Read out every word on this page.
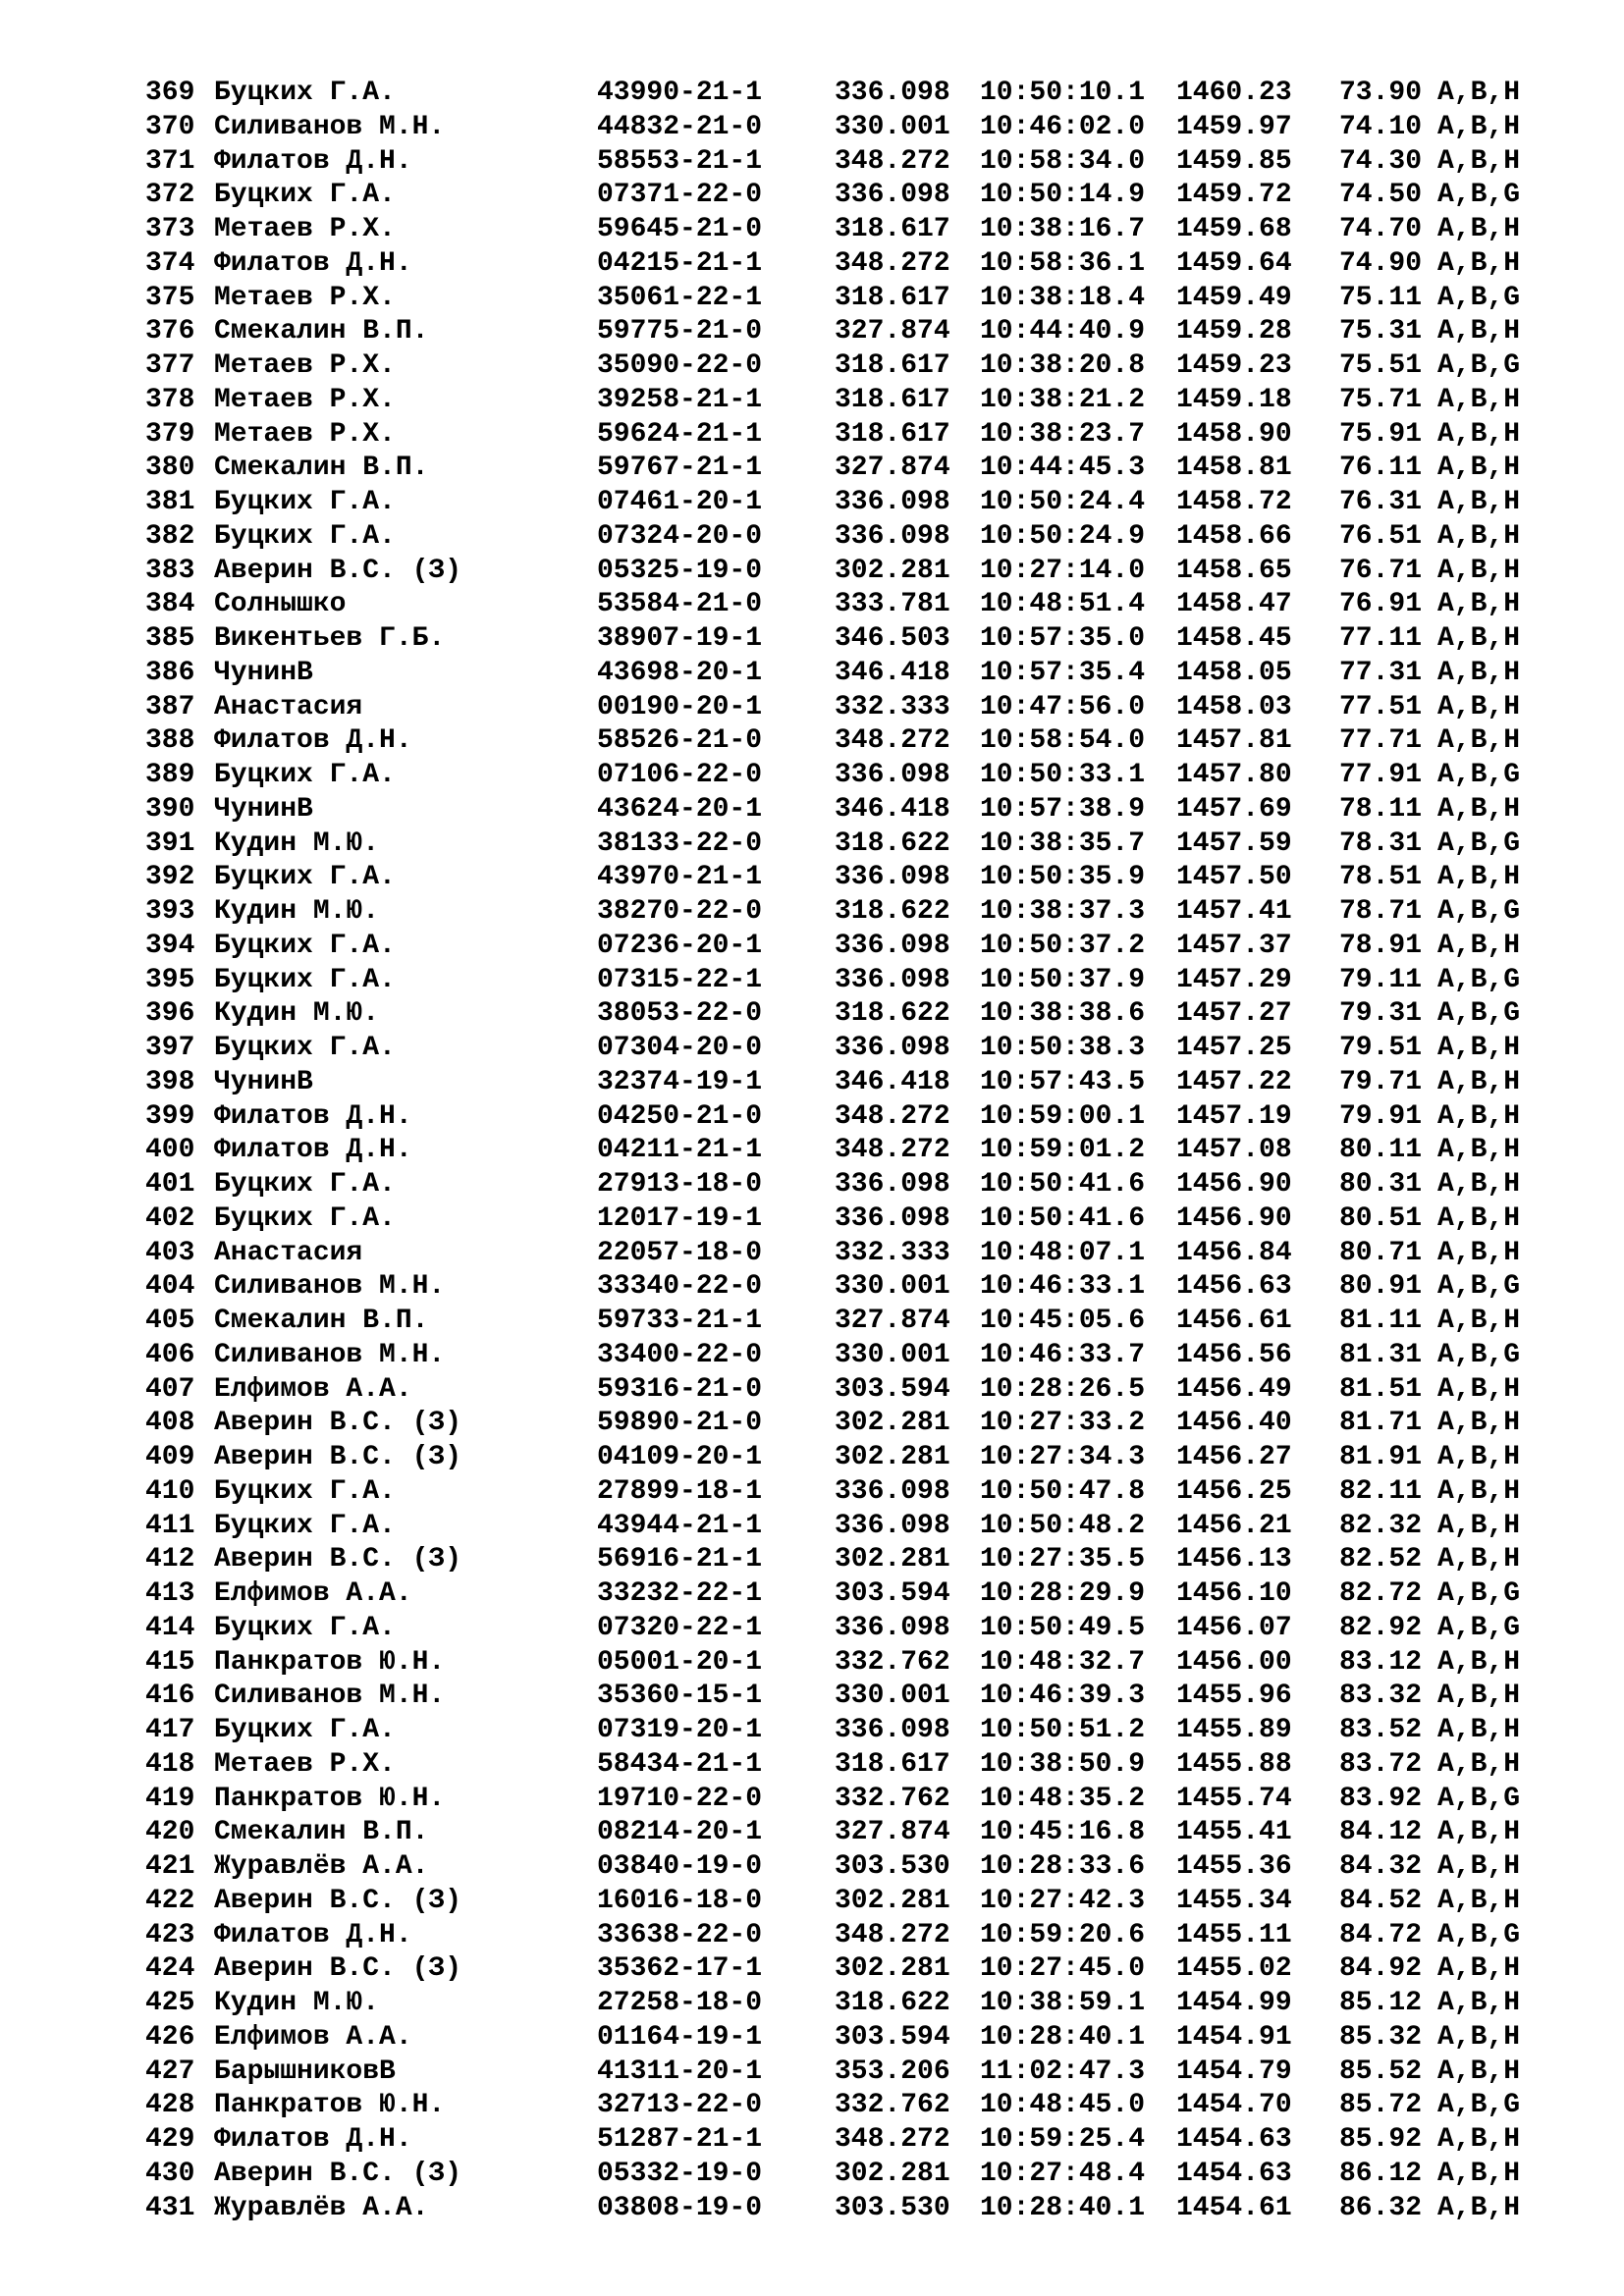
369 Буцких Г.А.	43990-21-1	336.098 10:50:10.1 1460.23 73.90 A,B,H
370 Силиванов М.Н.	44832-21-0	330.001 10:46:02.0 1459.97 74.10 A,B,H
371 Филатов Д.Н.	58553-21-1	348.272 10:58:34.0 1459.85 74.30 A,B,H
372 Буцких Г.А.	07371-22-0	336.098 10:50:14.9 1459.72 74.50 A,B,G
373 Метаев Р.Х.	59645-21-0	318.617 10:38:16.7 1459.68 74.70 A,B,H
374 Филатов Д.Н.	04215-21-1	348.272 10:58:36.1 1459.64 74.90 A,B,H
375 Метаев Р.Х.	35061-22-1	318.617 10:38:18.4 1459.49 75.11 A,B,G
376 Смекалин В.П.	59775-21-0	327.874 10:44:40.9 1459.28 75.31 A,B,H
377 Метаев Р.Х.	35090-22-0	318.617 10:38:20.8 1459.23 75.51 A,B,G
378 Метаев Р.Х.	39258-21-1	318.617 10:38:21.2 1459.18 75.71 A,B,H
379 Метаев Р.Х.	59624-21-1	318.617 10:38:23.7 1458.90 75.91 A,B,H
380 Смекалин В.П.	59767-21-1	327.874 10:44:45.3 1458.81 76.11 A,B,H
381 Буцких Г.А.	07461-20-1	336.098 10:50:24.4 1458.72 76.31 A,B,H
382 Буцких Г.А.	07324-20-0	336.098 10:50:24.9 1458.66 76.51 A,B,H
383 Аверин В.С. (З)	05325-19-0	302.281 10:27:14.0 1458.65 76.71 A,B,H
384 Солнышко	53584-21-0	333.781 10:48:51.4 1458.47 76.91 A,B,H
385 Викентьев Г.Б.	38907-19-1	346.503 10:57:35.0 1458.45 77.11 A,B,H
386 ЧунинВ	43698-20-1	346.418 10:57:35.4 1458.05 77.31 A,B,H
387 Анастасия	00190-20-1	332.333 10:47:56.0 1458.03 77.51 A,B,H
388 Филатов Д.Н.	58526-21-0	348.272 10:58:54.0 1457.81 77.71 A,B,H
389 Буцких Г.А.	07106-22-0	336.098 10:50:33.1 1457.80 77.91 A,B,G
390 ЧунинВ	43624-20-1	346.418 10:57:38.9 1457.69 78.11 A,B,H
391 Кудин М.Ю.	38133-22-0	318.622 10:38:35.7 1457.59 78.31 A,B,G
392 Буцких Г.А.	43970-21-1	336.098 10:50:35.9 1457.50 78.51 A,B,H
393 Кудин М.Ю.	38270-22-0	318.622 10:38:37.3 1457.41 78.71 A,B,G
394 Буцких Г.А.	07236-20-1	336.098 10:50:37.2 1457.37 78.91 A,B,H
395 Буцких Г.А.	07315-22-1	336.098 10:50:37.9 1457.29 79.11 A,B,G
396 Кудин М.Ю.	38053-22-0	318.622 10:38:38.6 1457.27 79.31 A,B,G
397 Буцких Г.А.	07304-20-0	336.098 10:50:38.3 1457.25 79.51 A,B,H
398 ЧунинВ	32374-19-1	346.418 10:57:43.5 1457.22 79.71 A,B,H
399 Филатов Д.Н.	04250-21-0	348.272 10:59:00.1 1457.19 79.91 A,B,H
400 Филатов Д.Н.	04211-21-1	348.272 10:59:01.2 1457.08 80.11 A,B,H
401 Буцких Г.А.	27913-18-0	336.098 10:50:41.6 1456.90 80.31 A,B,H
402 Буцких Г.А.	12017-19-1	336.098 10:50:41.6 1456.90 80.51 A,B,H
403 Анастасия	22057-18-0	332.333 10:48:07.1 1456.84 80.71 A,B,H
404 Силиванов М.Н.	33340-22-0	330.001 10:46:33.1 1456.63 80.91 A,B,G
405 Смекалин В.П.	59733-21-1	327.874 10:45:05.6 1456.61 81.11 A,B,H
406 Силиванов М.Н.	33400-22-0	330.001 10:46:33.7 1456.56 81.31 A,B,G
407 Елфимов А.А.	59316-21-0	303.594 10:28:26.5 1456.49 81.51 A,B,H
408 Аверин В.С. (З)	59890-21-0	302.281 10:27:33.2 1456.40 81.71 A,B,H
409 Аверин В.С. (З)	04109-20-1	302.281 10:27:34.3 1456.27 81.91 A,B,H
410 Буцких Г.А.	27899-18-1	336.098 10:50:47.8 1456.25 82.11 A,B,H
411 Буцких Г.А.	43944-21-1	336.098 10:50:48.2 1456.21 82.32 A,B,H
412 Аверин В.С. (З)	56916-21-1	302.281 10:27:35.5 1456.13 82.52 A,B,H
413 Елфимов А.А.	33232-22-1	303.594 10:28:29.9 1456.10 82.72 A,B,G
414 Буцких Г.А.	07320-22-1	336.098 10:50:49.5 1456.07 82.92 A,B,G
415 Панкратов Ю.Н.	05001-20-1	332.762 10:48:32.7 1456.00 83.12 A,B,H
416 Силиванов М.Н.	35360-15-1	330.001 10:46:39.3 1455.96 83.32 A,B,H
417 Буцких Г.А.	07319-20-1	336.098 10:50:51.2 1455.89 83.52 A,B,H
418 Метаев Р.Х.	58434-21-1	318.617 10:38:50.9 1455.88 83.72 A,B,H
419 Панкратов Ю.Н.	19710-22-0	332.762 10:48:35.2 1455.74 83.92 A,B,G
420 Смекалин В.П.	08214-20-1	327.874 10:45:16.8 1455.41 84.12 A,B,H
421 Журавлёв А.А.	03840-19-0	303.530 10:28:33.6 1455.36 84.32 A,B,H
422 Аверин В.С. (З)	16016-18-0	302.281 10:27:42.3 1455.34 84.52 A,B,H
423 Филатов Д.Н.	33638-22-0	348.272 10:59:20.6 1455.11 84.72 A,B,G
424 Аверин В.С. (З)	35362-17-1	302.281 10:27:45.0 1455.02 84.92 A,B,H
425 Кудин М.Ю.	27258-18-0	318.622 10:38:59.1 1454.99 85.12 A,B,H
426 Елфимов А.А.	01164-19-1	303.594 10:28:40.1 1454.91 85.32 A,B,H
427 БарышниковВ	41311-20-1	353.206 11:02:47.3 1454.79 85.52 A,B,H
428 Панкратов Ю.Н.	32713-22-0	332.762 10:48:45.0 1454.70 85.72 A,B,G
429 Филатов Д.Н.	51287-21-1	348.272 10:59:25.4 1454.63 85.92 A,B,H
430 Аверин В.С. (З)	05332-19-0	302.281 10:27:48.4 1454.63 86.12 A,B,H
431 Журавлёв А.А.	03808-19-0	303.530 10:28:40.1 1454.61 86.32 A,B,H
